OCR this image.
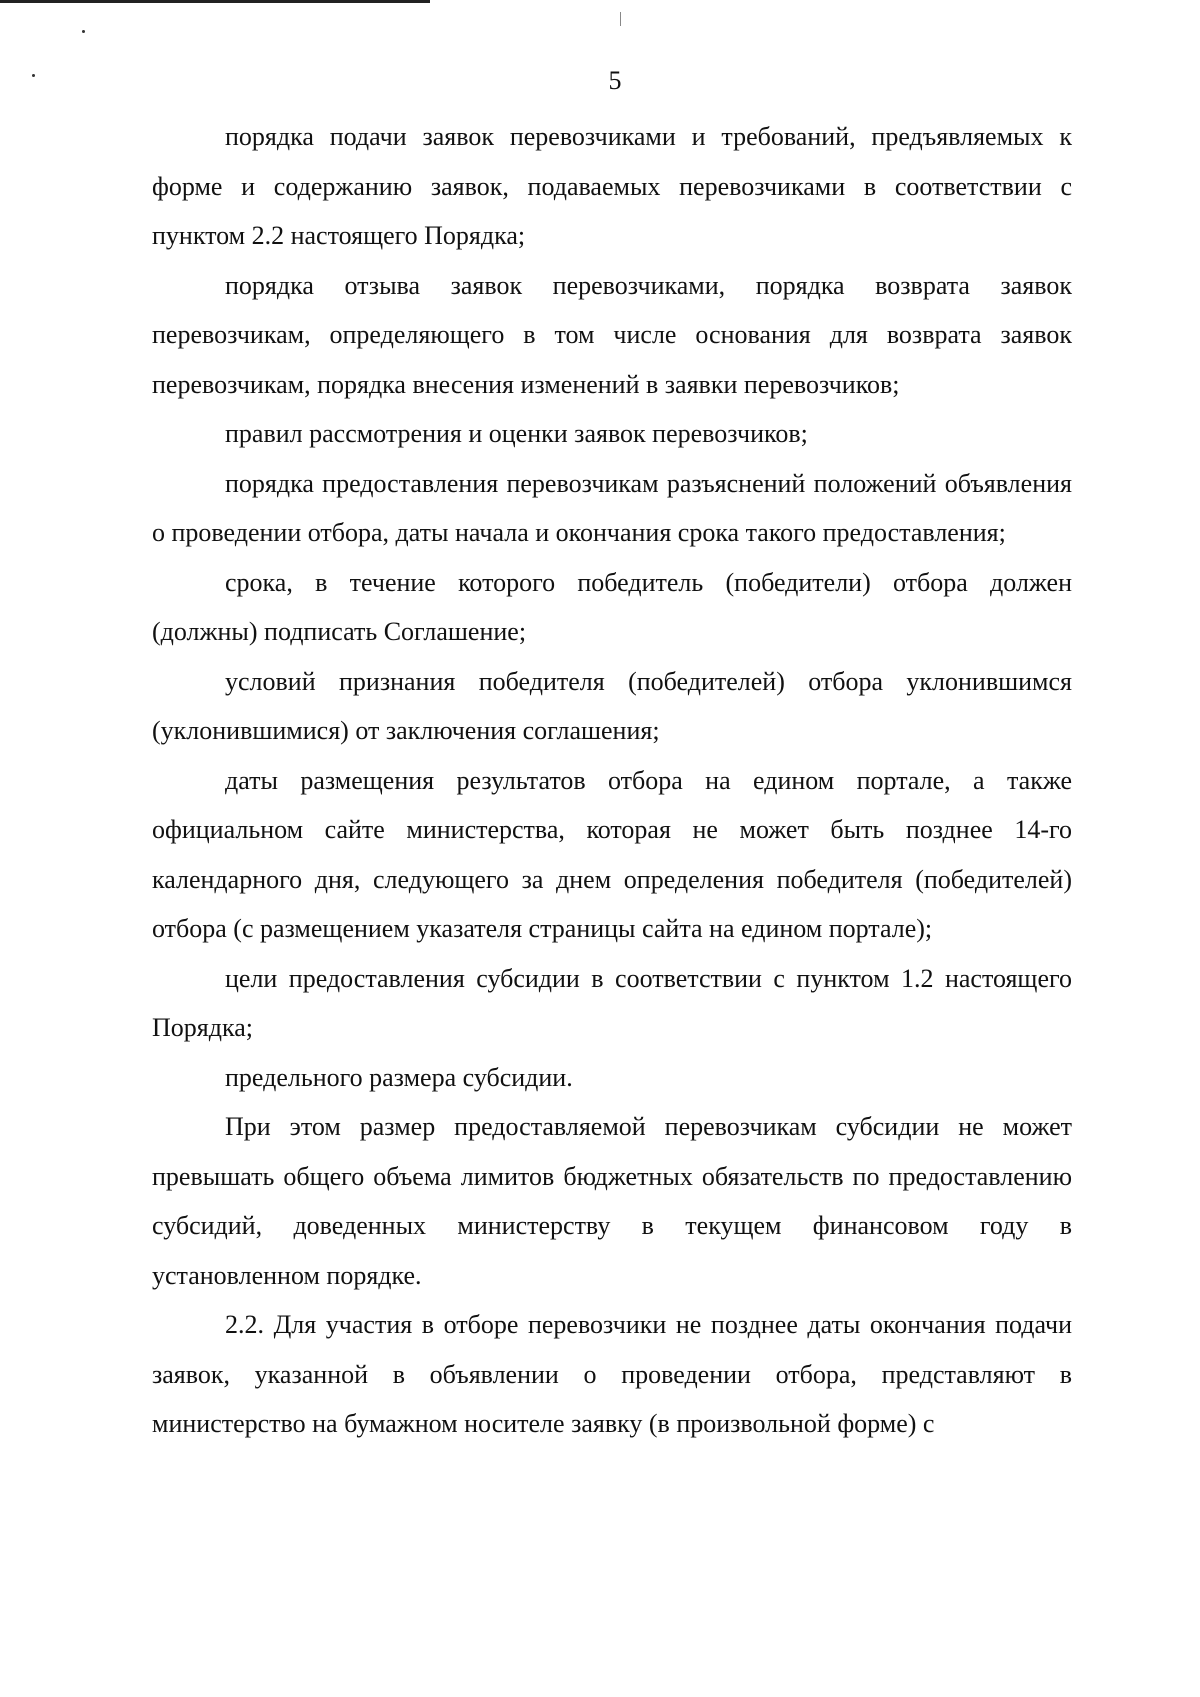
5

порядка подачи заявок перевозчиками и требований, предъявляемых к форме и содержанию заявок, подаваемых перевозчиками в соответствии с пунктом 2.2 настоящего Порядка;

порядка отзыва заявок перевозчиками, порядка возврата заявок перевозчикам, определяющего в том числе основания для возврата заявок перевозчикам, порядка внесения изменений в заявки перевозчиков;

правил рассмотрения и оценки заявок перевозчиков;

порядка предоставления перевозчикам разъяснений положений объявления о проведении отбора, даты начала и окончания срока такого предоставления;

срока, в течение которого победитель (победители) отбора должен (должны) подписать Соглашение;

условий признания победителя (победителей) отбора уклонившимся (уклонившимися) от заключения соглашения;

даты размещения результатов отбора на едином портале, а также официальном сайте министерства, которая не может быть позднее 14-го календарного дня, следующего за днем определения победителя (победителей) отбора (с размещением указателя страницы сайта на едином портале);

цели предоставления субсидии в соответствии с пунктом 1.2 настоящего Порядка;

предельного размера субсидии.

При этом размер предоставляемой перевозчикам субсидии не может превышать общего объема лимитов бюджетных обязательств по предоставлению субсидий, доведенных министерству в текущем финансовом году в установленном порядке.

2.2. Для участия в отборе перевозчики не позднее даты окончания подачи заявок, указанной в объявлении о проведении отбора, представляют в министерство на бумажном носителе заявку (в произвольной форме) с
